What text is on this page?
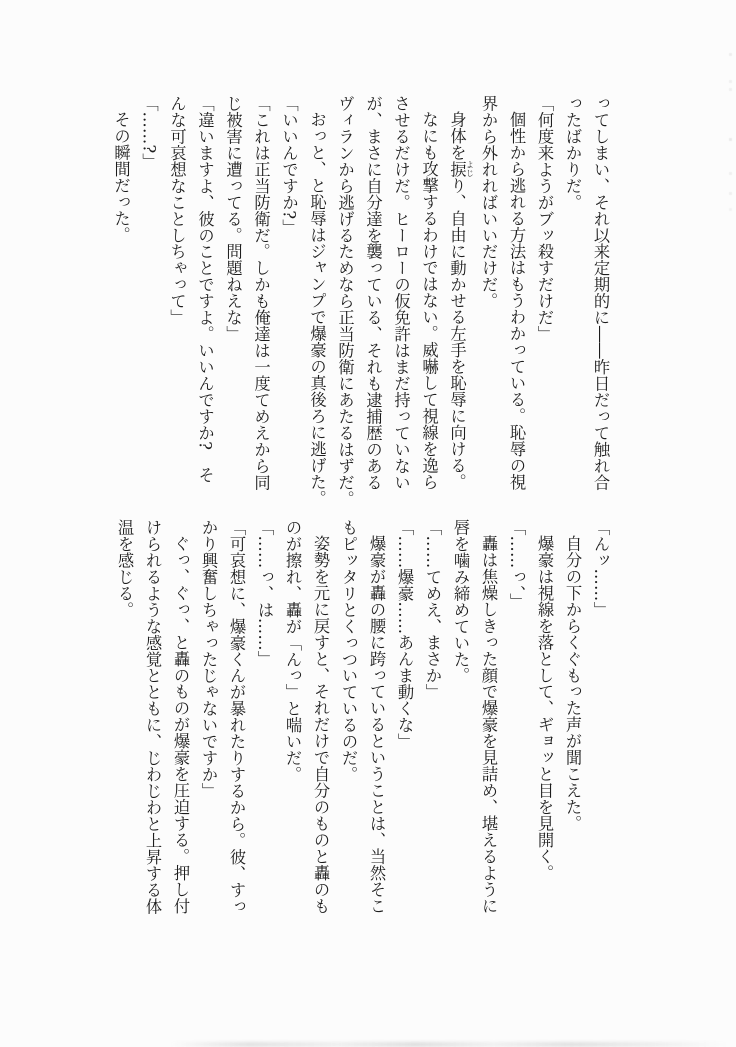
ってしまい、それ以来定期的に――昨日だって触れ合

ったばかりだ。

「何度来ようがブッ殺すだけだ」

個性から逃れる方法はもうわかっている。恥辱の視

界から外れればいいだけだ。

身体を捩 よじり、自由に動かせる左手を恥辱に向ける。

なにも攻撃するわけではない。威嚇して視線を逸ら

させるだけだ。ヒーローの仮免許はまだ持っていない

が、まさに自分達を襲っている、それも逮捕歴のある

ヴィランから逃げるためなら正当防衛にあたるはずだ。

おっと、と恥辱はジャンプで爆豪の真後ろに逃げた。

「いいんですか?」

「これは正当防衛だ。しかも俺達は一度てめえから同

じ被害に遭ってる。問題ねえな」

「違いますよ、彼のことですよ。いいんですか?　そ

んな可哀想なことしちゃって」

「……?」

その瞬間だった。

「んッ……」

自分の下からくぐもった声が聞こえた。

爆豪は視線を落として、ギョッと目を見開く。

「……っ、」

轟は焦燥しきった顔で爆豪を見詰め、堪えるように

唇を噛み締めていた。

「……てめえ、まさか」

「……爆豪……あんま動くな」

爆豪が轟の腰に跨っているということは、当然そこ

もピッタリとくっついているのだ。

姿勢を元に戻すと、それだけで自分のものと轟のも

のが擦れ、轟が「んっ」と喘いだ。

「……っ、は……」

「可哀想に、爆豪くんが暴れたりするから。彼、すっ

かり興奮しちゃったじゃないですか」

ぐっ、ぐっ、と轟のものが爆豪を圧迫する。押し付

けられるような感覚とともに、じわじわと上昇する体

温を感じる。
